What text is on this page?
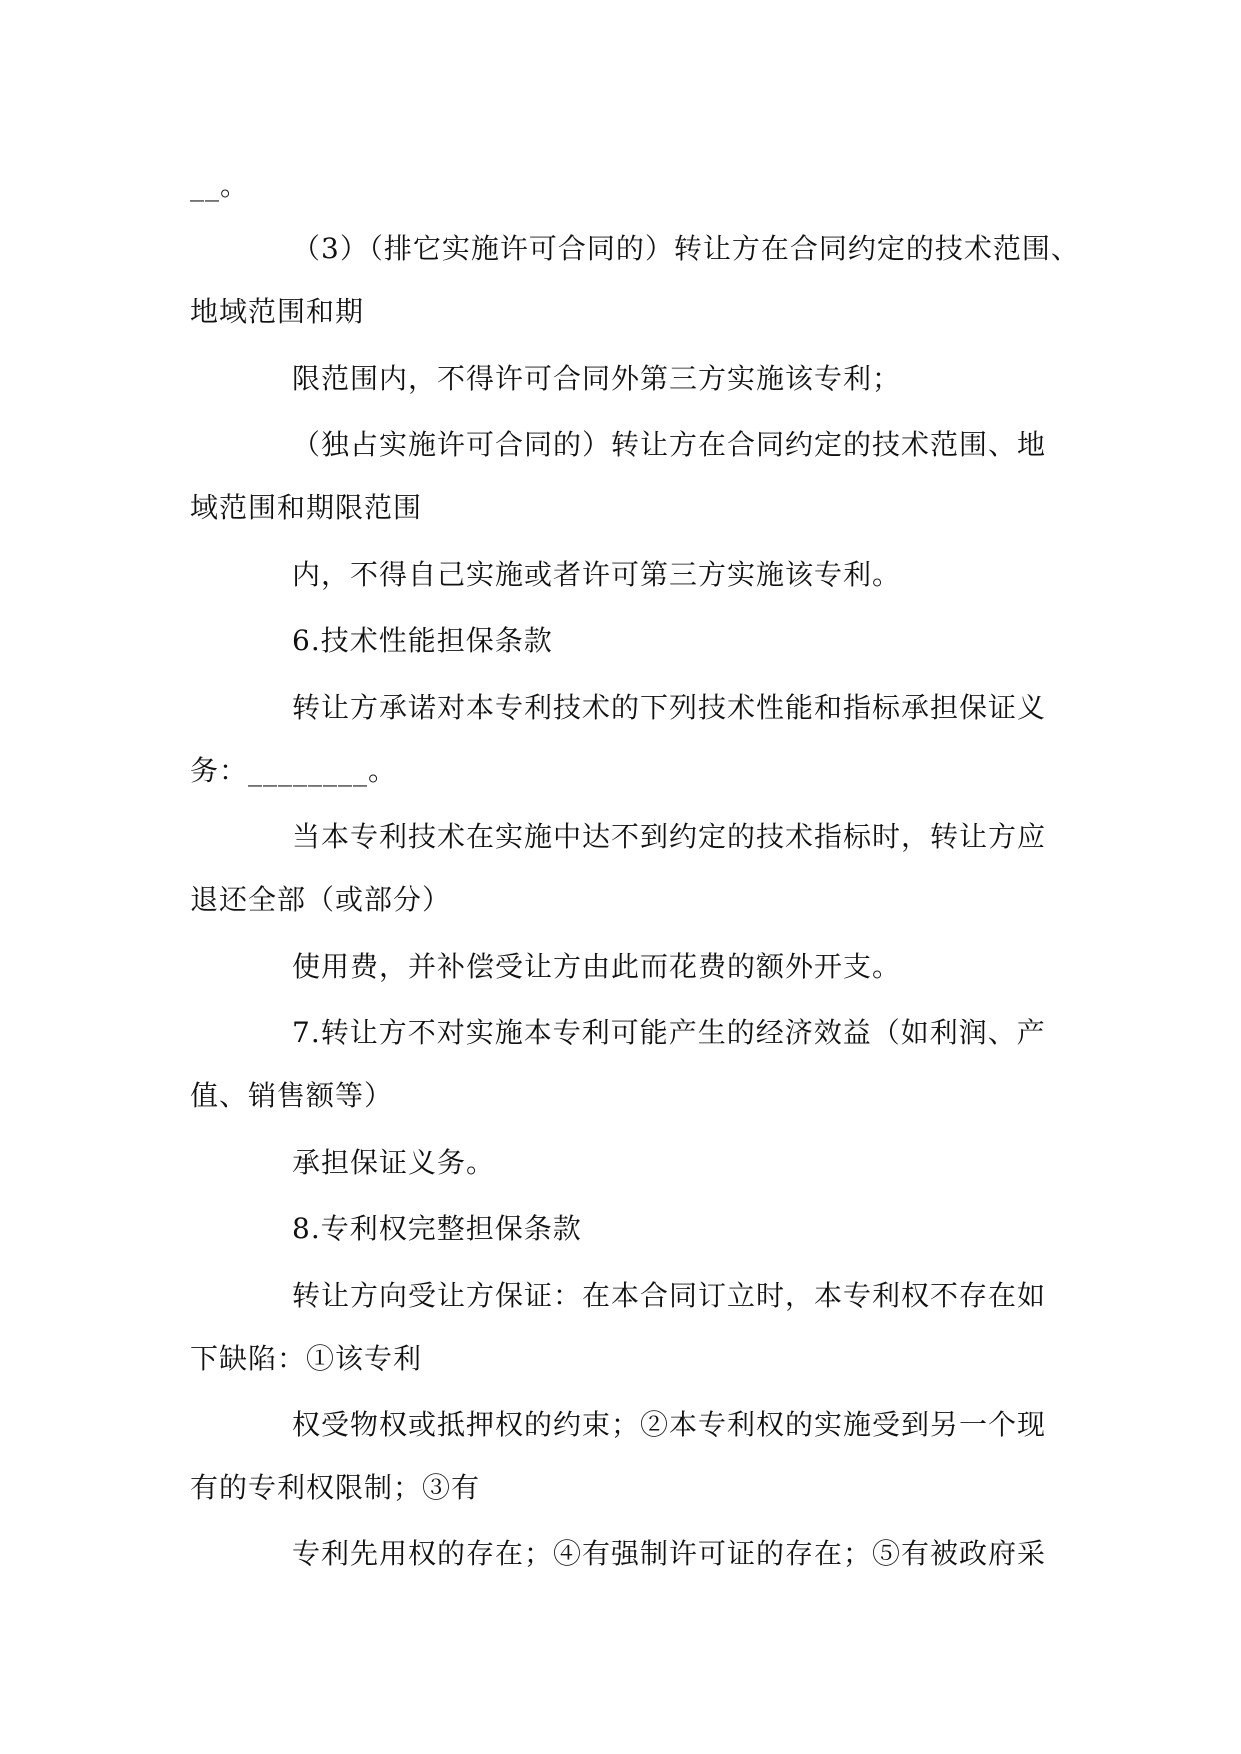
__。
（3）（排它实施许可合同的）转让方在合同约定的技术范围、
地域范围和期
限范围内，不得许可合同外第三方实施该专利；
（独占实施许可合同的）转让方在合同约定的技术范围、地
域范围和期限范围
内，不得自己实施或者许可第三方实施该专利。
6.技术性能担保条款
转让方承诺对本专利技术的下列技术性能和指标承担保证义
务：________。
当本专利技术在实施中达不到约定的技术指标时，转让方应
退还全部（或部分）
使用费，并补偿受让方由此而花费的额外开支。
7.转让方不对实施本专利可能产生的经济效益（如利润、产
值、销售额等）
承担保证义务。
8.专利权完整担保条款
转让方向受让方保证：在本合同订立时，本专利权不存在如
下缺陷：①该专利
权受物权或抵押权的约束；②本专利权的实施受到另一个现
有的专利权限制；③有
专利先用权的存在；④有强制许可证的存在；⑤有被政府采
